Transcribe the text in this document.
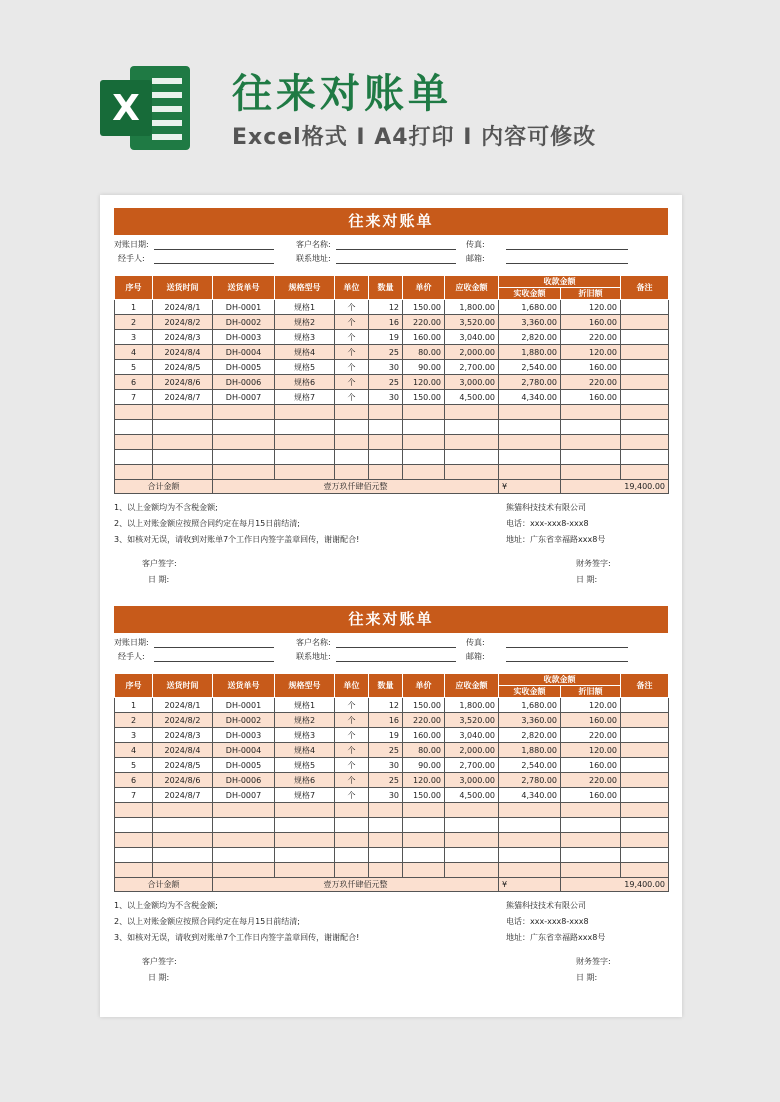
X 往来对账单
Excel格式 I A4打印 I 内容可修改
往来对账单
对账日期:	客户名称:	传真:
经手人:	联系地址:	邮箱:
序号	送货时间	送货单号	规格型号	单位	数量	单价	应收金额	收款金额		备注
								实收金额	折旧额	
1	2024/8/1	DH-0001	规格1	个	12	150.00	1,800.00	1,680.00	120.00	
2	2024/8/2	DH-0002	规格2	个	16	220.00	3,520.00	3,360.00	160.00	
3	2024/8/3	DH-0003	规格3	个	19	160.00	3,040.00	2,820.00	220.00	
4	2024/8/4	DH-0004	规格4	个	25	80.00	2,000.00	1,880.00	120.00	
5	2024/8/5	DH-0005	规格5	个	30	90.00	2,700.00	2,540.00	160.00	
6	2024/8/6	DH-0006	规格6	个	25	120.00	3,000.00	2,780.00	220.00	
7	2024/8/7	DH-0007	规格7	个	30	150.00	4,500.00	4,340.00	160.00	

合计金额		壹万玖仟肆佰元整						¥	19,400.00	
1、以上金额均为不含税金额;
2、以上对账金额应按照合同约定在每月15日前结清;
3、如核对无误，请收到对账单7个工作日内签字盖章回传，谢谢配合!
熊猫科技技术有限公司
电话：xxx-xxx8-xxx8
地址：广东省幸福路xxx8号
客户签字:
日 期:
财务签字:
日 期:
往来对账单
对账日期:	客户名称:	传真:
经手人:	联系地址:	邮箱:
序号	送货时间	送货单号	规格型号	单位	数量	单价	应收金额	收款金额		备注
								实收金额	折旧额	
1	2024/8/1	DH-0001	规格1	个	12	150.00	1,800.00	1,680.00	120.00	
2	2024/8/2	DH-0002	规格2	个	16	220.00	3,520.00	3,360.00	160.00	
3	2024/8/3	DH-0003	规格3	个	19	160.00	3,040.00	2,820.00	220.00	
4	2024/8/4	DH-0004	规格4	个	25	80.00	2,000.00	1,880.00	120.00	
5	2024/8/5	DH-0005	规格5	个	30	90.00	2,700.00	2,540.00	160.00	
6	2024/8/6	DH-0006	规格6	个	25	120.00	3,000.00	2,780.00	220.00	
7	2024/8/7	DH-0007	规格7	个	30	150.00	4,500.00	4,340.00	160.00	

合计金额		壹万玖仟肆佰元整						¥	19,400.00	
1、以上金额均为不含税金额;
2、以上对账金额应按照合同约定在每月15日前结清;
3、如核对无误，请收到对账单7个工作日内签字盖章回传，谢谢配合!
熊猫科技技术有限公司
电话：xxx-xxx8-xxx8
地址：广东省幸福路xxx8号
客户签字:
日 期:
财务签字:
日 期:
